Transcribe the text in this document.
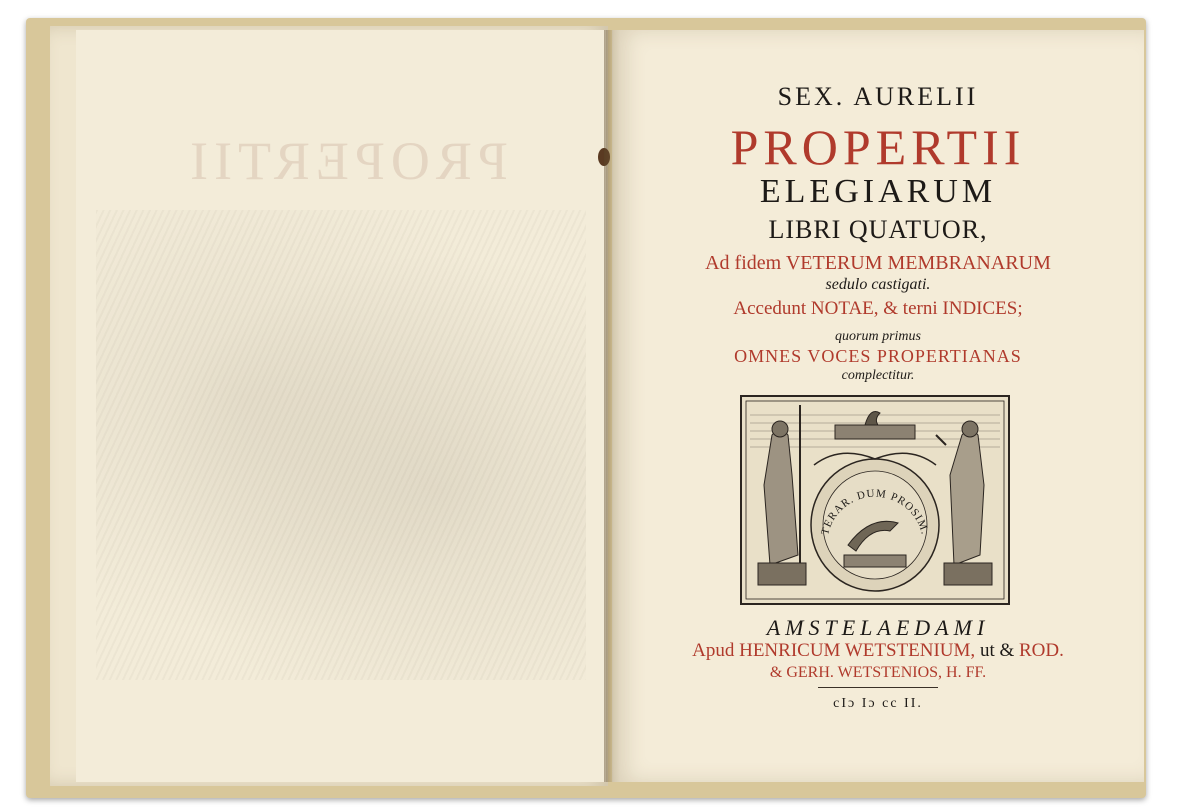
PROPERTII
SEX. AURELII
PROPERTII
ELEGIARUM
LIBRI QUATUOR,
Ad fidem VETERUM MEMBRANARUM
sedulo castigati.
Accedunt NOTAE, & terni INDICES;
quorum primus
OMNES VOCES PROPERTIANAS
complectitur.
TERAR. DUM PROSIM.
AMSTELAEDAMI
Apud HENRICUM WETSTENIUM, ut & ROD.
& GERH. WETSTENIOS, H. FF.
cIɔ Iɔ cc II.
